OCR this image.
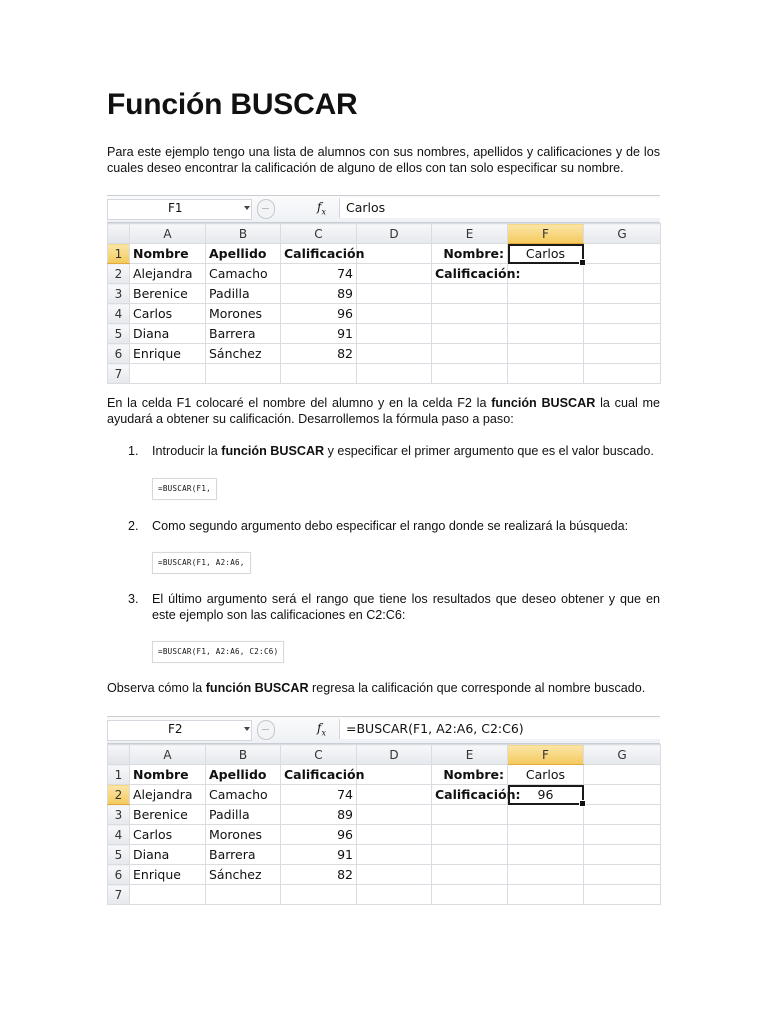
Función BUSCAR
Para este ejemplo tengo una lista de alumnos con sus nombres, apellidos y calificaciones y de los cuales deseo encontrar la calificación de alguno de ellos con tan solo especificar su nombre.
F1	$f_x$	Carlos
	A	B	C	D	E	F	G
1	Nombre	Apellido	Calificación		Nombre:	Carlos	
2	Alejandra	Camacho	74		Calificación:		
3	Berenice	Padilla	89				
4	Carlos	Morones	96				
5	Diana	Barrera	91				
6	Enrique	Sánchez	82				
7							
En la celda F1 colocaré el nombre del alumno y en la celda F2 la función BUSCAR la cual me ayudará a obtener su calificación. Desarrollemos la fórmula paso a paso:
1. Introducir la función BUSCAR y especificar el primer argumento que es el valor buscado.
=BUSCAR(F1,
2. Como segundo argumento debo especificar el rango donde se realizará la búsqueda:
=BUSCAR(F1, A2:A6,
3. El último argumento será el rango que tiene los resultados que deseo obtener y que en este ejemplo son las calificaciones en C2:C6:
=BUSCAR(F1, A2:A6, C2:C6)
Observa cómo la función BUSCAR regresa la calificación que corresponde al nombre buscado.
F2	$f_x$	=BUSCAR(F1, A2:A6, C2:C6)
	A	B	C	D	E	F	G
1	Nombre	Apellido	Calificación		Nombre:	Carlos	
2	Alejandra	Camacho	74		Calificación:	96	
3	Berenice	Padilla	89				
4	Carlos	Morones	96				
5	Diana	Barrera	91				
6	Enrique	Sánchez	82				
7							
